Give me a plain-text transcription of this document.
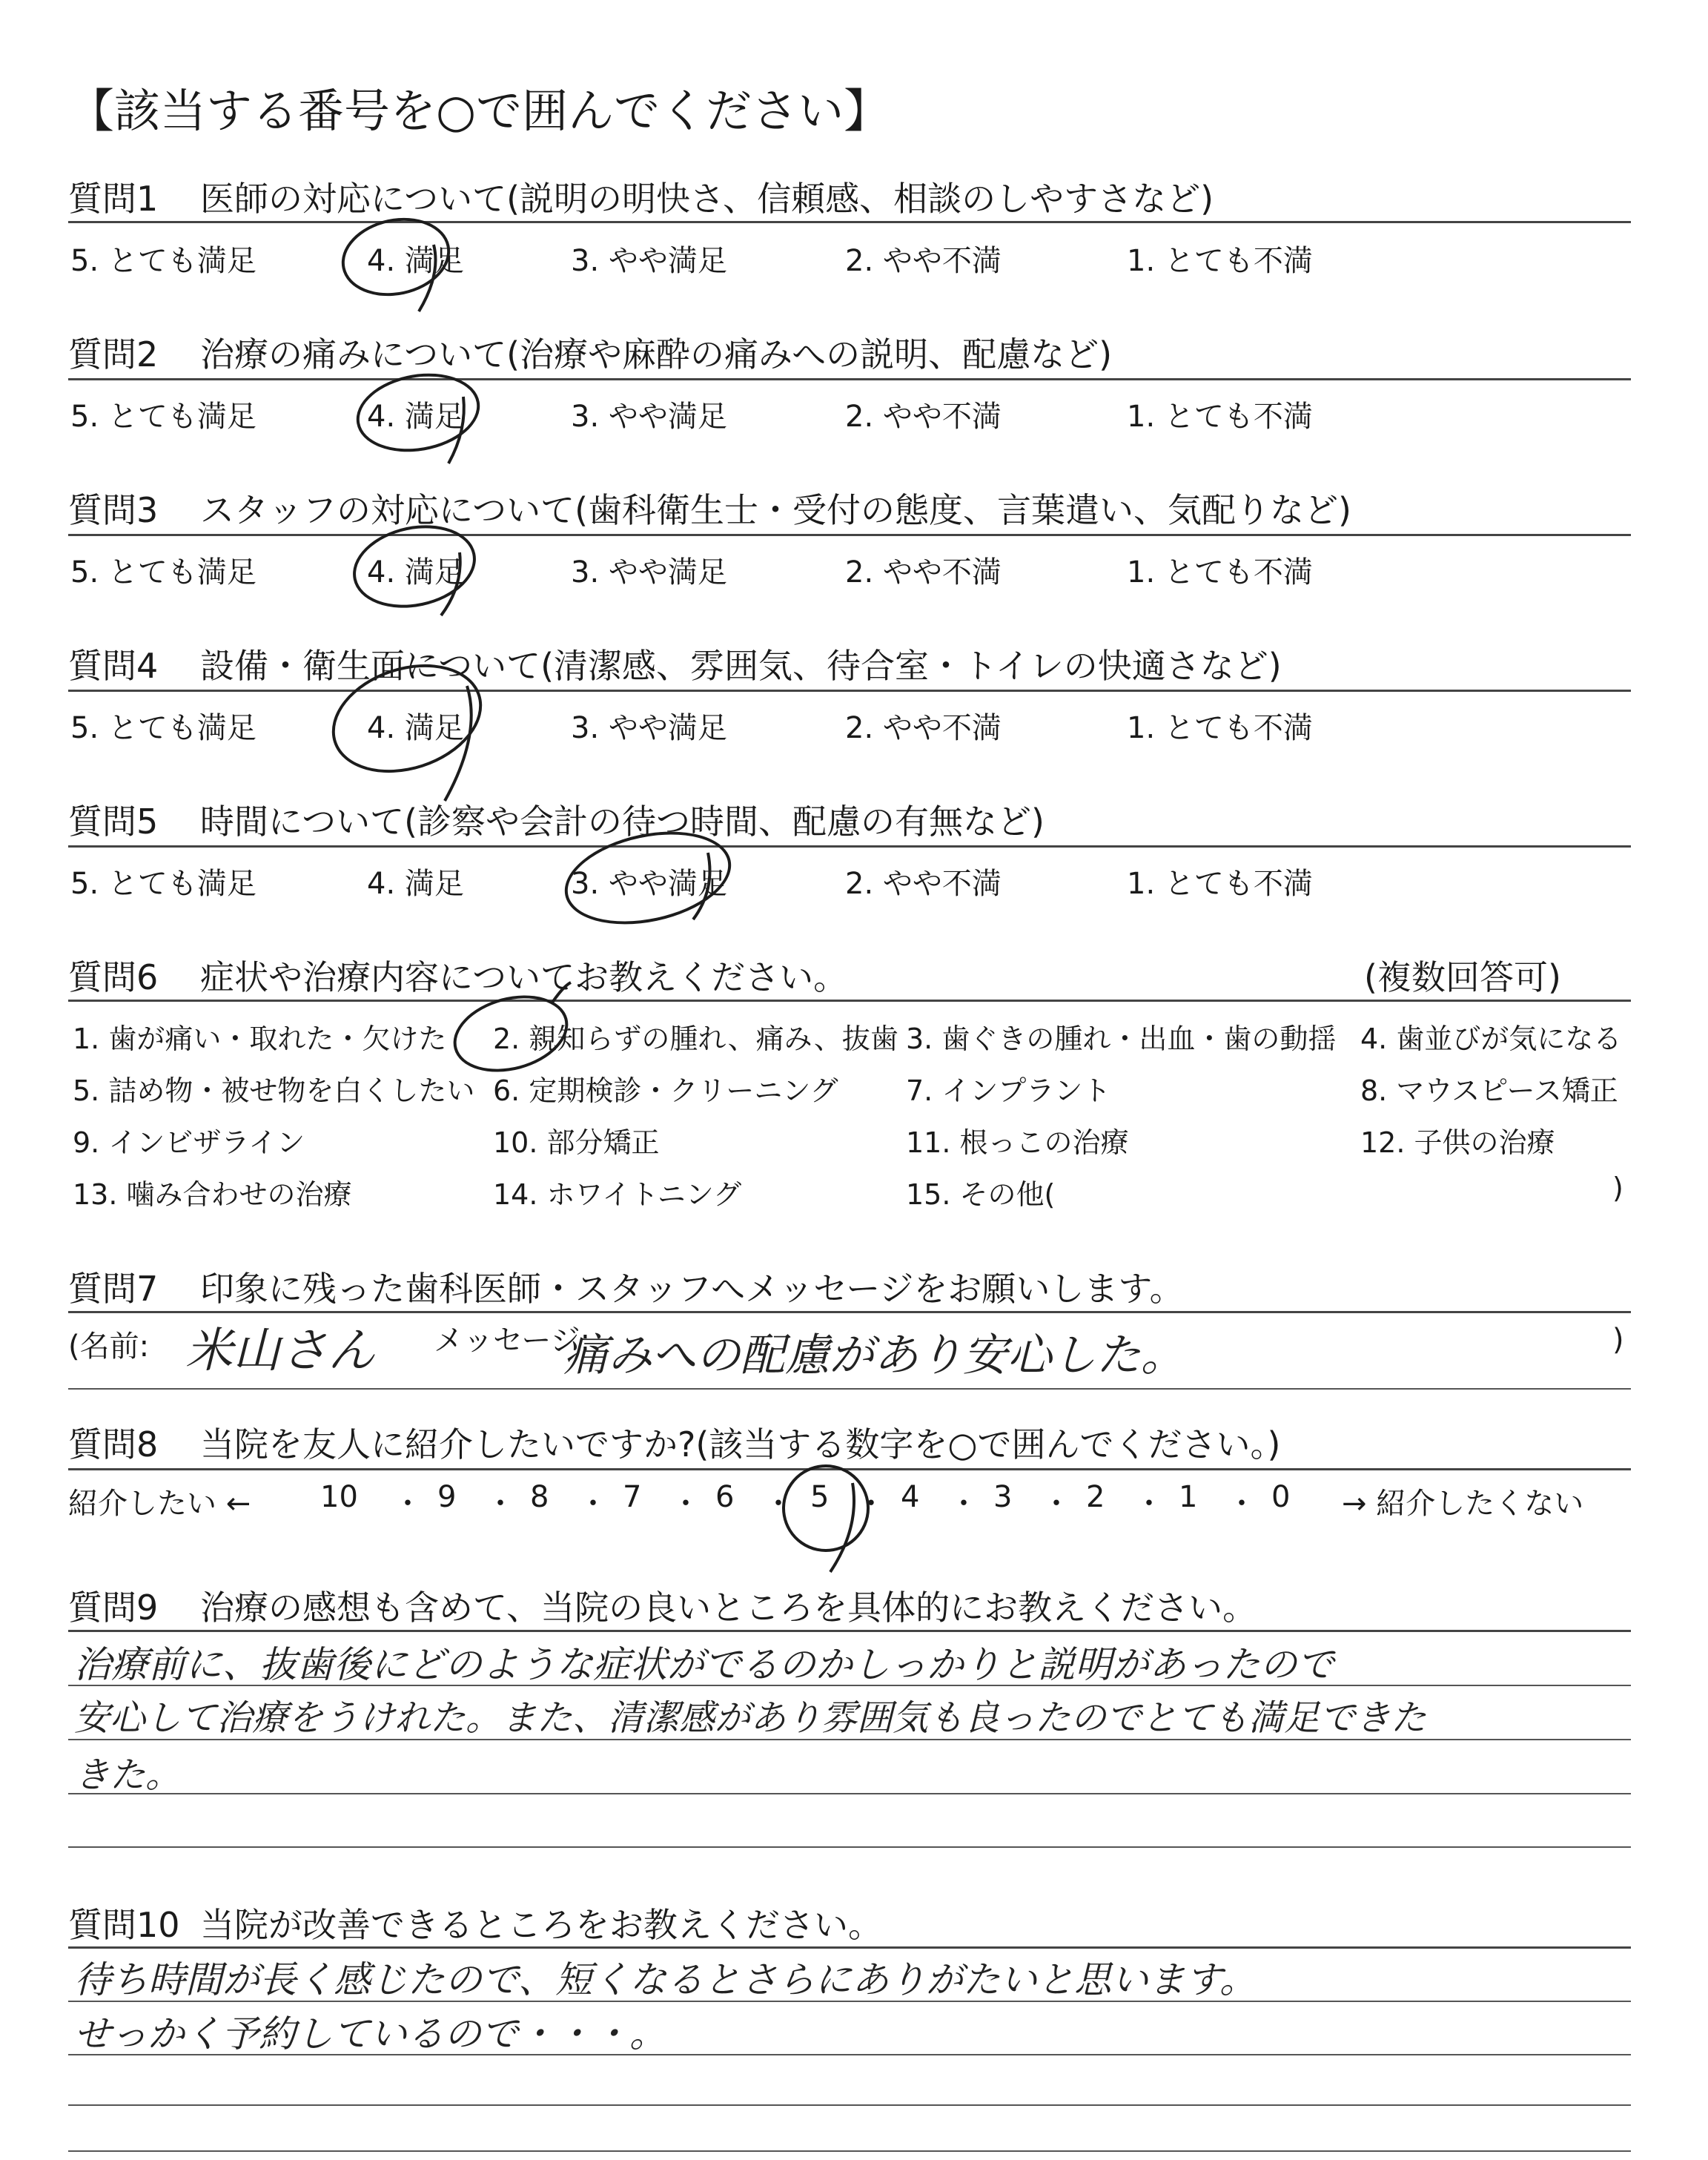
【該当する番号を○で囲んでください】
質問1 医師の対応について(説明の明快さ、信頼感、相談のしやすさなど)
5. とても満足	4. 満足	3. やや満足	2. やや不満	1. とても不満
質問2 治療の痛みについて(治療や麻酔の痛みへの説明、配慮など)
5. とても満足	4. 満足	3. やや満足	2. やや不満	1. とても不満
質問3 スタッフの対応について(歯科衛生士・受付の態度、言葉遣い、気配りなど)
5. とても満足	4. 満足	3. やや満足	2. やや不満	1. とても不満
質問4 設備・衛生面について(清潔感、雰囲気、待合室・トイレの快適さなど)
5. とても満足	4. 満足	3. やや満足	2. やや不満	1. とても不満
質問5 時間について(診察や会計の待つ時間、配慮の有無など)
5. とても満足	4. 満足	3. やや満足	2. やや不満	1. とても不満
質問6 症状や治療内容についてお教えください。	(複数回答可)
1. 歯が痛い・取れた・欠けた 2. 親知らずの腫れ、痛み、抜歯 3. 歯ぐきの腫れ・出血・歯の動揺 4. 歯並びが気になる
5. 詰め物・被せ物を白くしたい 6. 定期検診・クリーニング 7. インプラント	8. マウスピース矯正
9. インビザライン	10. 部分矯正	11. 根っこの治療	12. 子供の治療
13. 噛み合わせの治療	14. ホワイトニング	15. その他(	)
質問7 印象に残った歯科医師・スタッフへメッセージをお願いします。
(名前: 米山さん メッセージ:
痛みへの配慮があり安心した。	)
質問8 当院を友人に紹介したいですか?(該当する数字を○で囲んでください。)
紹介したい ←	→ 紹介したくない
10 ・ 9 ・ 8 ・ 7 ・ 6 ・ 5 ・ 4 ・ 3 ・ 2 ・ 1 ・ 0
質問9 治療の感想も含めて、当院の良いところを具体的にお教えください。
治療前に、抜歯後にどのような症状がでるのかしっかりと説明があったので
安心して治療をうけれた。また、清潔感があり雰囲気も良ったのでとても満足できた
きた。
質問10 当院が改善できるところをお教えください。
待ち時間が長く感じたので、短くなるとさらにありがたいと思います。
せっかく予約しているので・・・。
